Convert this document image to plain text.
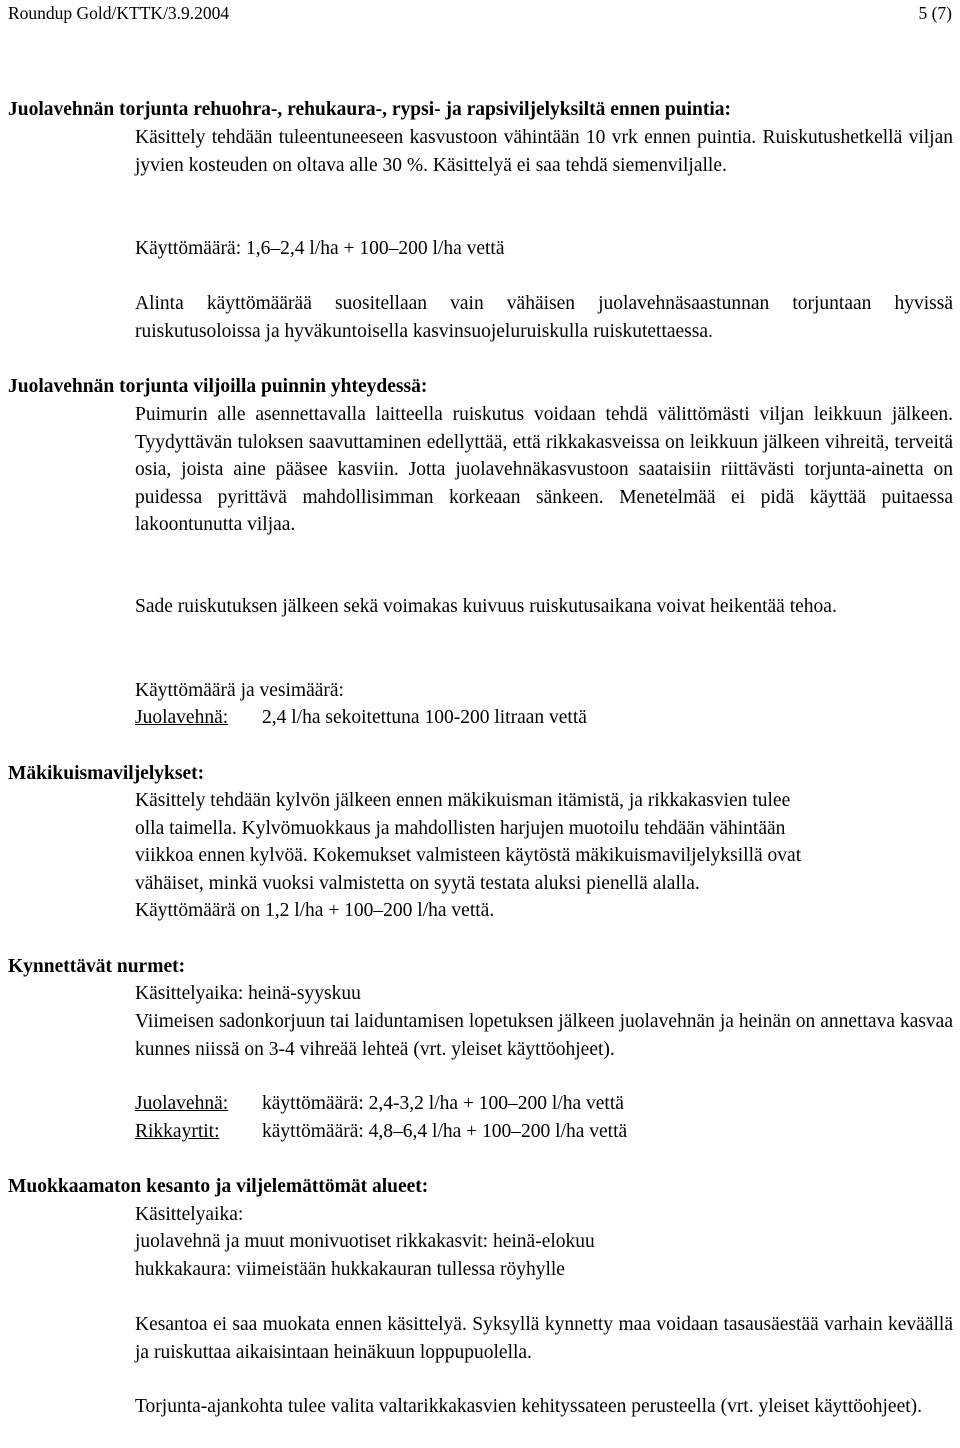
Roundup Gold/KTTK/3.9.2004	5 (7)

Juolavehnän torjunta rehuohra-, rehukaura-, rypsi- ja rapsiviljelyksiltä ennen puintia:

Käsittely tehdään tuleentuneeseen kasvustoon vähintään 10 vrk ennen puintia. Ruiskutushetkellä viljan jyvien kosteuden on oltava alle 30 %. Käsittelyä ei saa tehdä siemenviljalle.

Käyttömäärä: 1,6–2,4 l/ha + 100–200 l/ha vettä

Alinta käyttömäärää suositellaan vain vähäisen juolavehnäsaastunnan torjuntaan hyvissä ruiskutusoloissa ja hyväkuntoisella kasvinsuojeluruiskulla ruiskutettaessa.

Juolavehnän torjunta viljoilla puinnin yhteydessä:

Puimurin alle asennettavalla laitteella ruiskutus voidaan tehdä välittömästi viljan leikkuun jälkeen. Tyydyttävän tuloksen saavuttaminen edellyttää, että rikkakasveissa on leikkuun jälkeen vihreitä, terveitä osia, joista aine pääsee kasviin. Jotta juolavehnäkasvustoon saataisiin riittävästi torjunta-ainetta on puidessa pyrittävä mahdollisimman korkeaan sänkeen. Menetelmää ei pidä käyttää puitaessa lakoontunutta viljaa.

Sade ruiskutuksen jälkeen sekä voimakas kuivuus ruiskutusaikana voivat heikentää tehoa.

Käyttömäärä ja vesimäärä:

Juolavehnä: 2,4 l/ha sekoitettuna 100-200 litraan vettä

Mäkikuismaviljelykset:

Käsittely tehdään kylvön jälkeen ennen mäkikuisman itämistä, ja rikkakasvien tulee

olla taimella. Kylvömuokkaus ja mahdollisten harjujen muotoilu tehdään vähintään

viikkoa ennen kylvöä. Kokemukset valmisteen käytöstä mäkikuismaviljelyksillä ovat

vähäiset, minkä vuoksi valmistetta on syytä testata aluksi pienellä alalla.

Käyttömäärä on 1,2 l/ha + 100–200 l/ha vettä.

Kynnettävät nurmet:

Käsittelyaika: heinä-syyskuu

Viimeisen sadonkorjuun tai laiduntamisen lopetuksen jälkeen juolavehnän ja heinän on annettava kasvaa kunnes niissä on 3-4 vihreää lehteä (vrt. yleiset käyttöohjeet).

Juolavehnä: käyttömäärä: 2,4-3,2 l/ha + 100–200 l/ha vettä

Rikkayrtit: käyttömäärä: 4,8–6,4 l/ha + 100–200 l/ha vettä

Muokkaamaton kesanto ja viljelemättömät alueet:

Käsittelyaika:

juolavehnä ja muut monivuotiset rikkakasvit: heinä-elokuu

hukkakaura: viimeistään hukkakauran tullessa röyhylle

Kesantoa ei saa muokata ennen käsittelyä. Syksyllä kynnetty maa voidaan tasausäestää varhain keväällä ja ruiskuttaa aikaisintaan heinäkuun loppupuolella.

Torjunta-ajankohta tulee valita valtarikkakasvien kehityssateen perusteella (vrt. yleiset käyttöohjeet).
